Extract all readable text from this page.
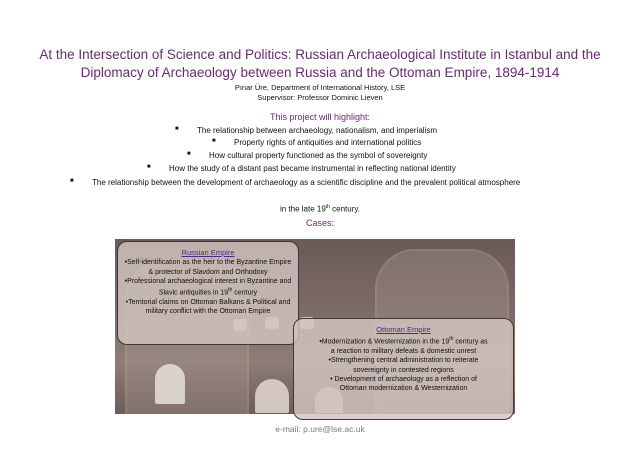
At the Intersection of Science and Politics: Russian Archaeological Institute in Istanbul and the
Diplomacy of Archaeology between Russia and the Ottoman Empire, 1894-1914
Pınar Üre, Department of International History, LSE
Supervisor: Professor Dominic Lieven
This project will highlight:
■ The relationship between archaeology, nationalism, and imperialism
■ Property rights of antiquities and international politics
■ How cultural property functioned as the symbol of sovereignty
■ How the study of a distant past became instrumental in reflecting national identity
■ The relationship between the development of archaeology as a scientific discipline and the prevalent political atmosphere
in the late 19th century.
Cases:
Russian Empire
•Self-identification as the heir to the Byzantine Empire
& protector of Slavdom and Orthodoxy
•Professional archaeological interest in Byzantine and
Slavic antiquities in 19th century
•Territorial claims on Ottoman Balkans & Political and
military conflict with the Ottoman Empire
Ottoman Empire
•Modernization & Westernization in the 19th century as
a reaction to military defeats & domestic unrest
•Strengthening central administration to reiterate
sovereignty in contested regions
• Development of archaeology as a reflection of
Ottoman modernization & Westernization
e-mail: p.ure@lse.ac.uk
